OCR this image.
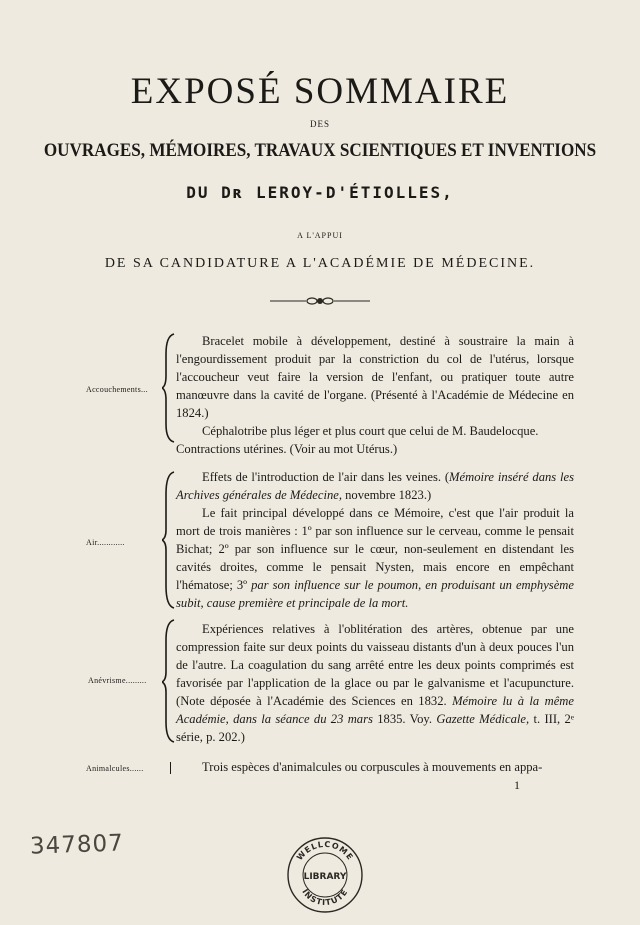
EXPOSÉ SOMMAIRE
DES
OUVRAGES, MÉMOIRES, TRAVAUX SCIENTIQUES ET INVENTIONS
DU Dʀ LEROY-D'ÉTIOLLES,
A L'APPUI
DE SA CANDIDATURE A L'ACADÉMIE DE MÉDECINE.
Accouchements...

Bracelet mobile à développement, destiné à soustraire la main à l'engourdissement produit par la constriction du col de l'utérus, lorsque l'accoucheur veut faire la version de l'enfant, ou pratiquer toute autre manœuvre dans la cavité de l'organe. (Présenté à l'Académie de Médecine en 1824.)

Céphalotribe plus léger et plus court que celui de M. Baudelocque.

Contractions utérines. (Voir au mot Utérus.)

Air............

Effets de l'introduction de l'air dans les veines. (Mémoire inséré dans les Archives générales de Médecine, novembre 1823.)

Le fait principal développé dans ce Mémoire, c'est que l'air produit la mort de trois manières : 1º par son influence sur le cerveau, comme le pensait Bichat; 2º par son influence sur le cœur, non-seulement en distendant les cavités droites, comme le pensait Nysten, mais encore en empêchant l'hématose; 3º par son influence sur le poumon, en produisant un emphysème subit, cause première et principale de la mort.

Anévrisme.........

Expériences relatives à l'oblitération des artères, obtenue par une compression faite sur deux points du vaisseau distants d'un à deux pouces l'un de l'autre. La coagulation du sang arrêté entre les deux points comprimés est favorisée par l'application de la glace ou par le galvanisme et l'acupuncture. (Note déposée à l'Académie des Sciences en 1832. Mémoire lu à la même Académie, dans la séance du 23 mars 1835. Voy. Gazette Médicale, t. III, 2ᵉ série, p. 202.)

Animalcules......	Trois espèces d'animalcules ou corpuscules à mouvements en appa-

1
347807	WELLCOME
INSTITUTE
LIBRARY
